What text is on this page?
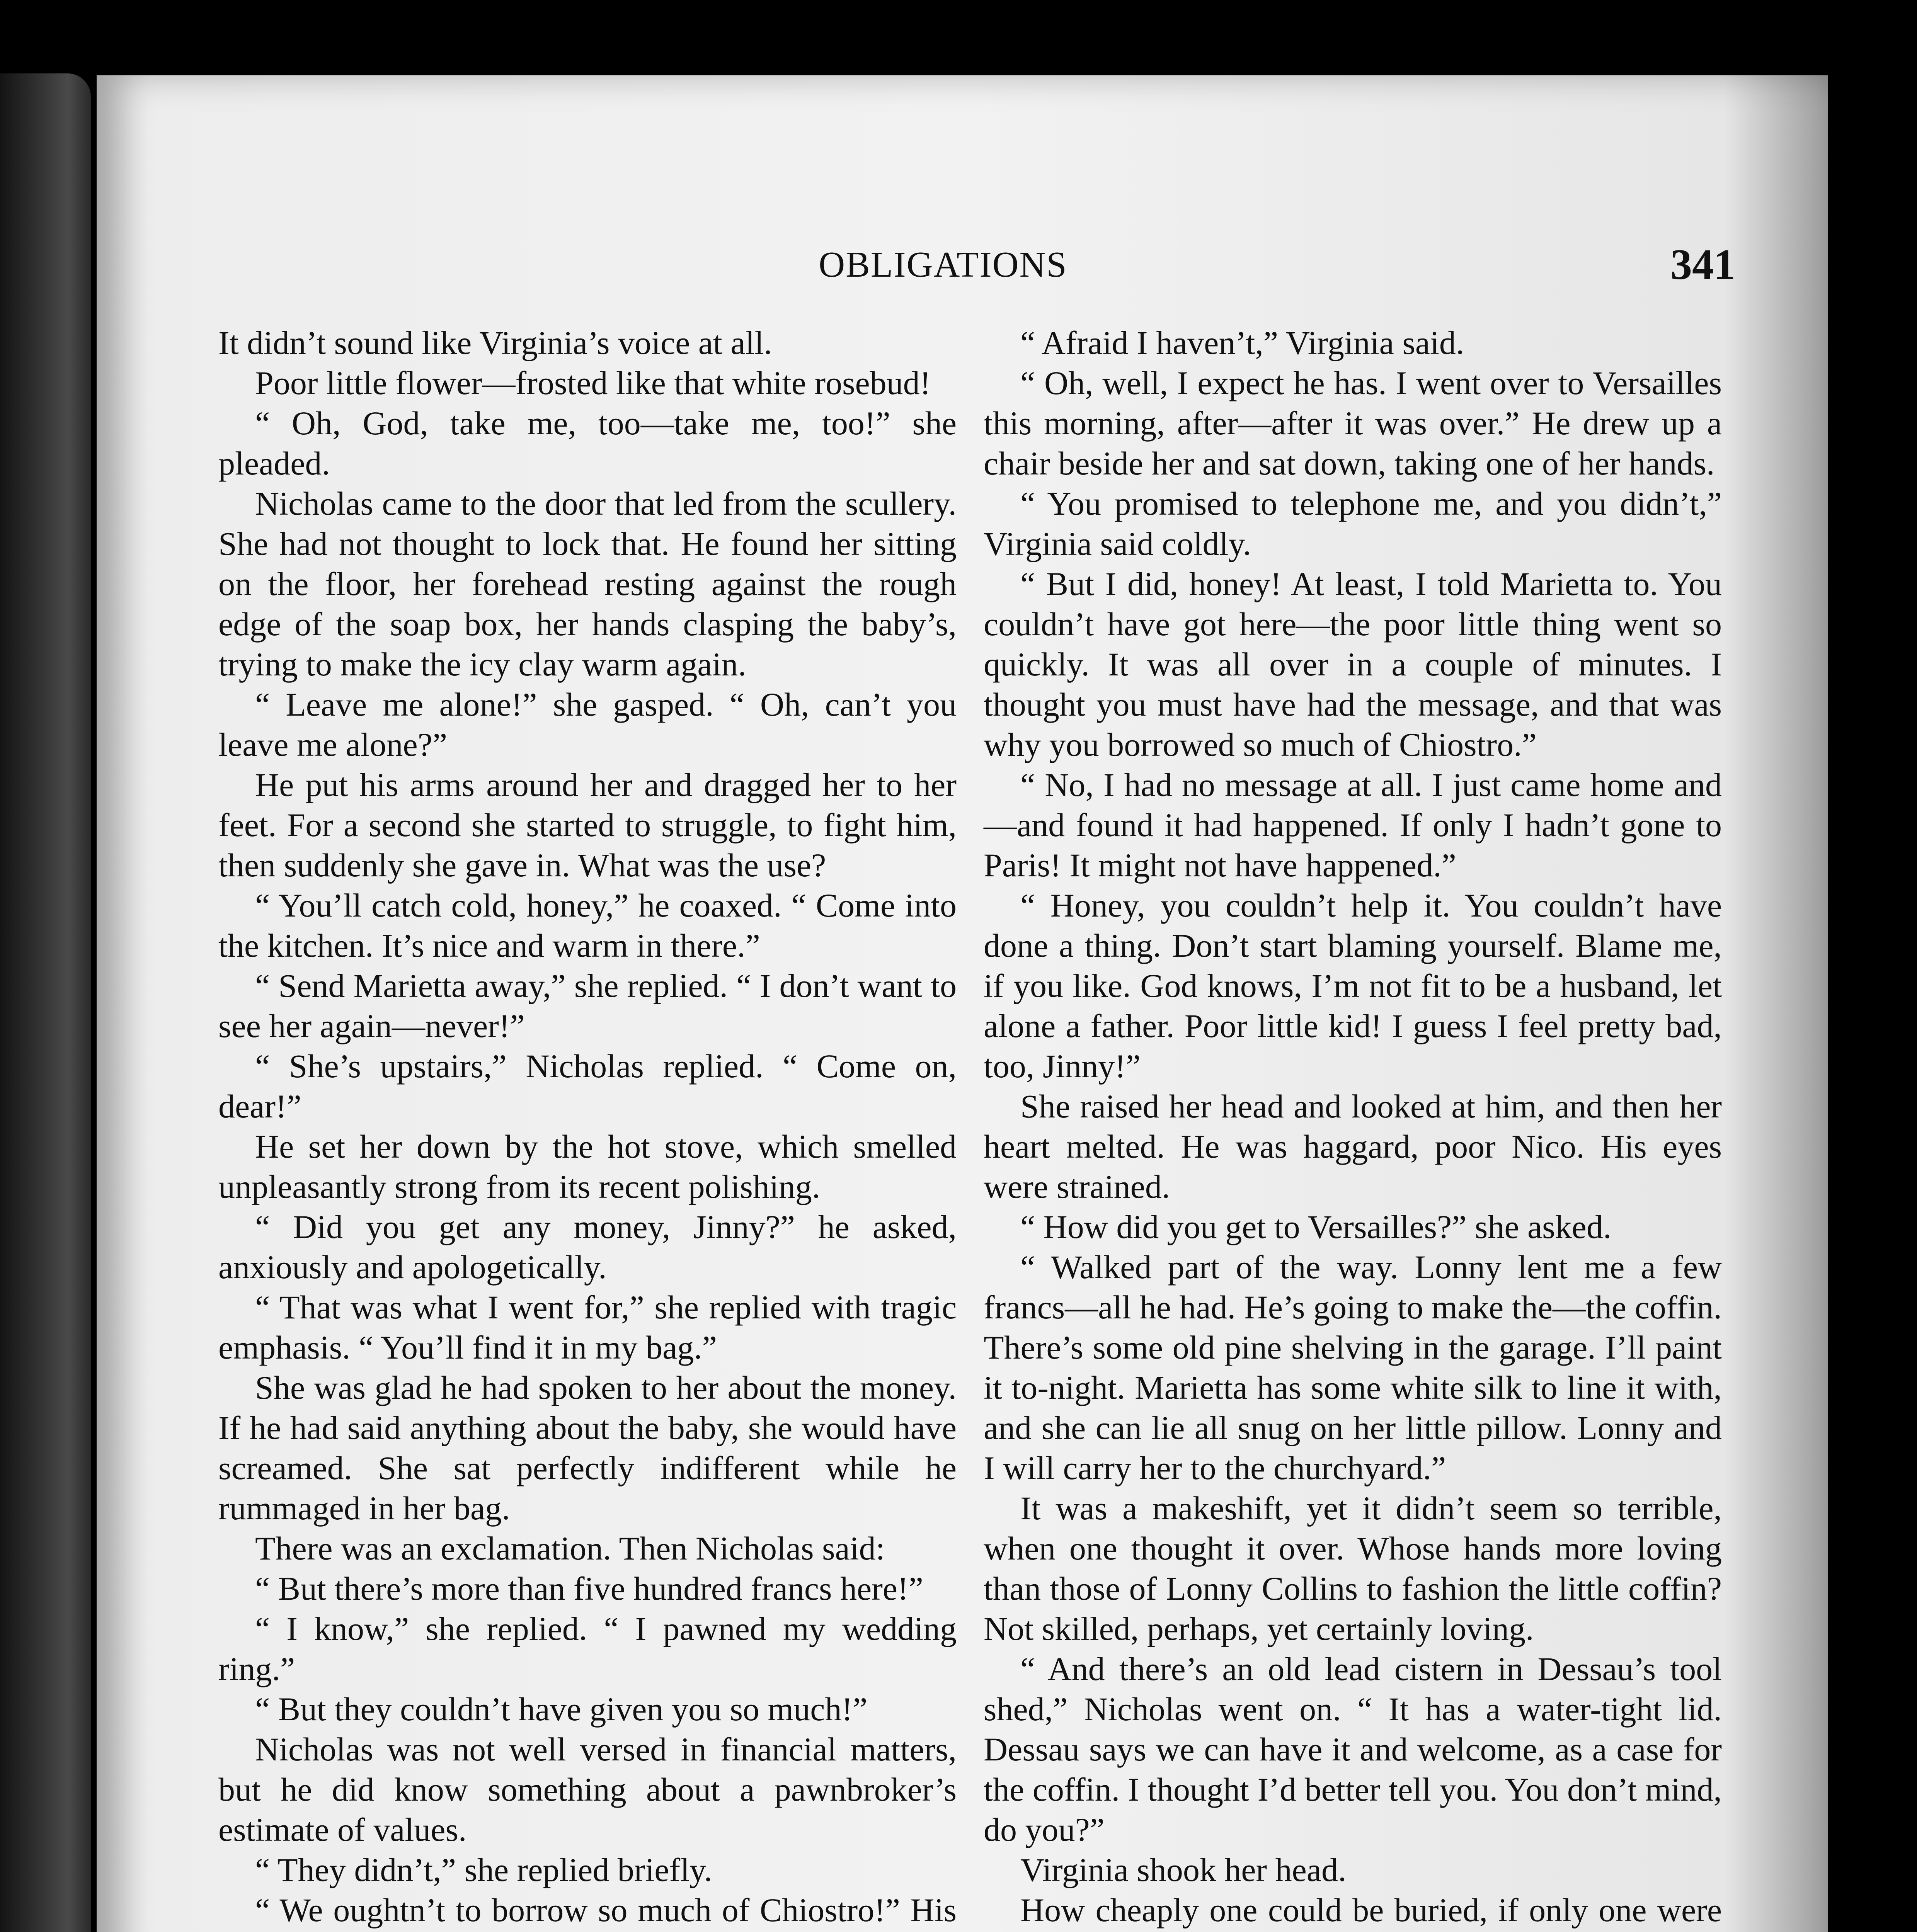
OBLIGATIONS	341

It didn’t sound like Virginia’s voice at all.

Poor little flower—frosted like that white rosebud!

“ Oh, God, take me, too—take me, too!” she pleaded.

Nicholas came to the door that led from the scullery. She had not thought to lock that. He found her sitting on the floor, her forehead resting against the rough edge of the soap box, her hands clasping the baby’s, trying to make the icy clay warm again.

“ Leave me alone!” she gasped. “ Oh, can’t you leave me alone?”

He put his arms around her and dragged her to her feet. For a second she started to struggle, to fight him, then suddenly she gave in. What was the use?

“ You’ll catch cold, honey,” he coaxed. “ Come into the kitchen. It’s nice and warm in there.”

“ Send Marietta away,” she replied. “ I don’t want to see her again—never!”

“ She’s upstairs,” Nicholas replied. “ Come on, dear!”

He set her down by the hot stove, which smelled unpleasantly strong from its recent polishing.

“ Did you get any money, Jinny?” he asked, anxiously and apologetically.

“ That was what I went for,” she replied with tragic emphasis. “ You’ll find it in my bag.”

She was glad he had spoken to her about the money. If he had said anything about the baby, she would have screamed. She sat perfectly indifferent while he rummaged in her bag.

There was an exclamation. Then Nicholas said:

“ But there’s more than five hundred francs here!”

“ I know,” she replied. “ I pawned my wedding ring.”

“ But they couldn’t have given you so much!”

Nicholas was not well versed in financial matters, but he did know something about a pawnbroker’s estimate of values.

“ They didn’t,” she replied briefly.

“ We oughtn’t to borrow so much of Chiostro!” His

“ Afraid I haven’t,” Virginia said.

“ Oh, well, I expect he has. I went over to Versailles this morning, after—after it was over.” He drew up a chair beside her and sat down, taking one of her hands.

“ You promised to telephone me, and you didn’t,” Virginia said coldly.

“ But I did, honey! At least, I told Marietta to. You couldn’t have got here—the poor little thing went so quickly. It was all over in a couple of minutes. I thought you must have had the message, and that was why you borrowed so much of Chiostro.”

“ No, I had no message at all. I just came home and—and found it had happened. If only I hadn’t gone to Paris! It might not have happened.”

“ Honey, you couldn’t help it. You couldn’t have done a thing. Don’t start blaming yourself. Blame me, if you like. God knows, I’m not fit to be a husband, let alone a father. Poor little kid! I guess I feel pretty bad, too, Jinny!”

She raised her head and looked at him, and then her heart melted. He was haggard, poor Nico. His eyes were strained.

“ How did you get to Versailles?” she asked.

“ Walked part of the way. Lonny lent me a few francs—all he had. He’s going to make the—the coffin. There’s some old pine shelving in the garage. I’ll paint it to-night. Marietta has some white silk to line it with, and she can lie all snug on her little pillow. Lonny and I will carry her to the churchyard.”

It was a makeshift, yet it didn’t seem so terrible, when one thought it over. Whose hands more loving than those of Lonny Collins to fashion the little coffin? Not skilled, perhaps, yet certainly loving.

“ And there’s an old lead cistern in Dessau’s tool shed,” Nicholas went on. “ It has a water-tight lid. Dessau says we can have it and welcome, as a case for the coffin. I thought I’d better tell you. You don’t mind, do you?”

Virginia shook her head.

How cheaply one could be buried, if only one were
